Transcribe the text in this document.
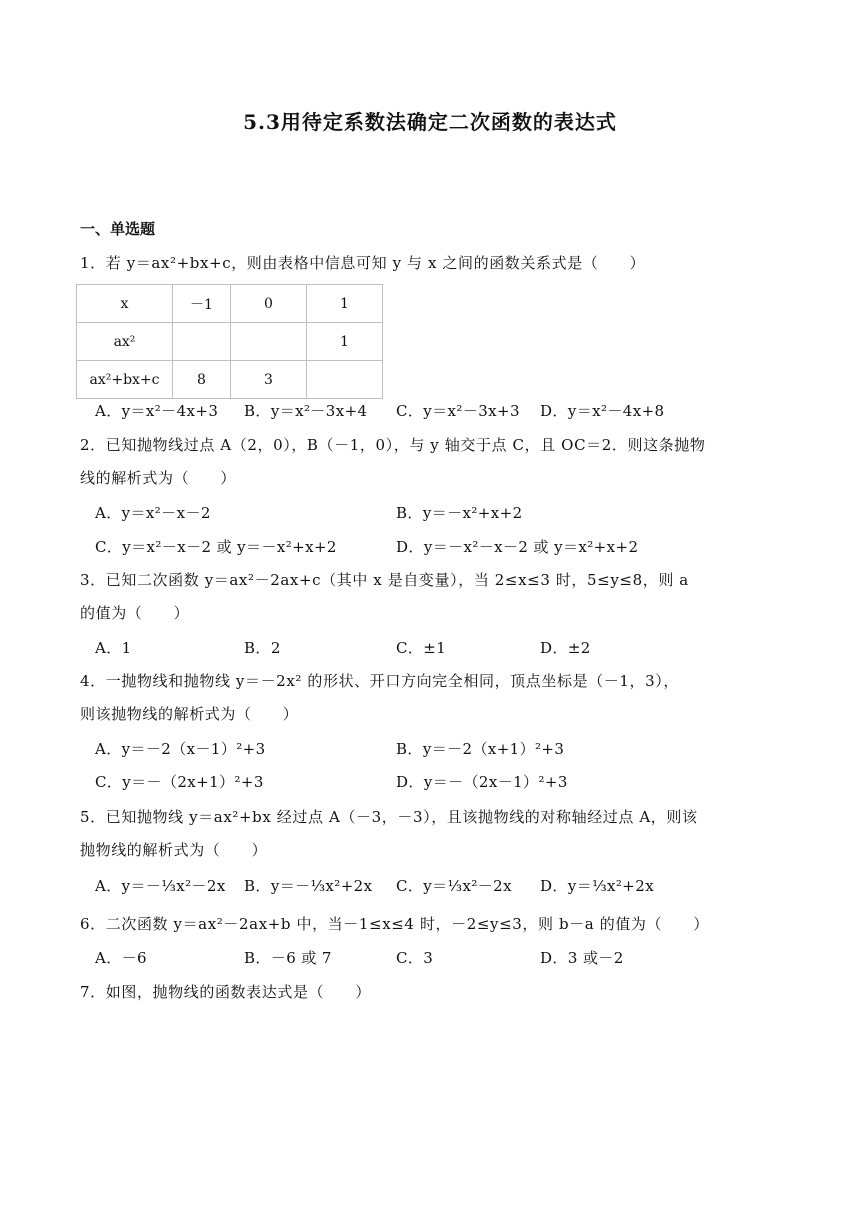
5.3用待定系数法确定二次函数的表达式
一、单选题
1．若 y＝ax²+bx+c，则由表格中信息可知 y 与 x 之间的函数关系式是（　　）
x	－1	0	1
ax²			1
ax²+bx+c	8	3	
A．y＝x²－4x+3 B．y＝x²－3x+4 C．y＝x²－3x+3 D．y＝x²－4x+8
2．已知抛物线过点 A（2，0），B（－1，0），与 y 轴交于点 C，且 OC＝2．则这条抛物
线的解析式为（　　）
A．y＝x²－x－2	B．y＝－x²+x+2
C．y＝x²－x－2 或 y＝－x²+x+2	D．y＝－x²－x－2 或 y＝x²+x+2
3．已知二次函数 y＝ax²－2ax+c（其中 x 是自变量），当 2≤x≤3 时，5≤y≤8，则 a
的值为（　　）
A．1	B．2	C．±1	D．±2
4．一抛物线和抛物线 y＝－2x² 的形状、开口方向完全相同，顶点坐标是（－1，3），
则该抛物线的解析式为（　　）
A．y＝－2（x－1）²+3	B．y＝－2（x+1）²+3
C．y＝－（2x+1）²+3	D．y＝－（2x－1）²+3
5．已知抛物线 y＝ax²+bx 经过点 A（－3，－3），且该抛物线的对称轴经过点 A，则该
抛物线的解析式为（　　）
A．y＝－⅓x²－2x B．y＝－⅓x²+2x C．y＝⅓x²－2x D．y＝⅓x²+2x
6．二次函数 y＝ax²－2ax+b 中，当－1≤x≤4 时，－2≤y≤3，则 b－a 的值为（　　）
A．－6	B．－6 或 7	C．3	D．3 或－2
7．如图，抛物线的函数表达式是（　　）
